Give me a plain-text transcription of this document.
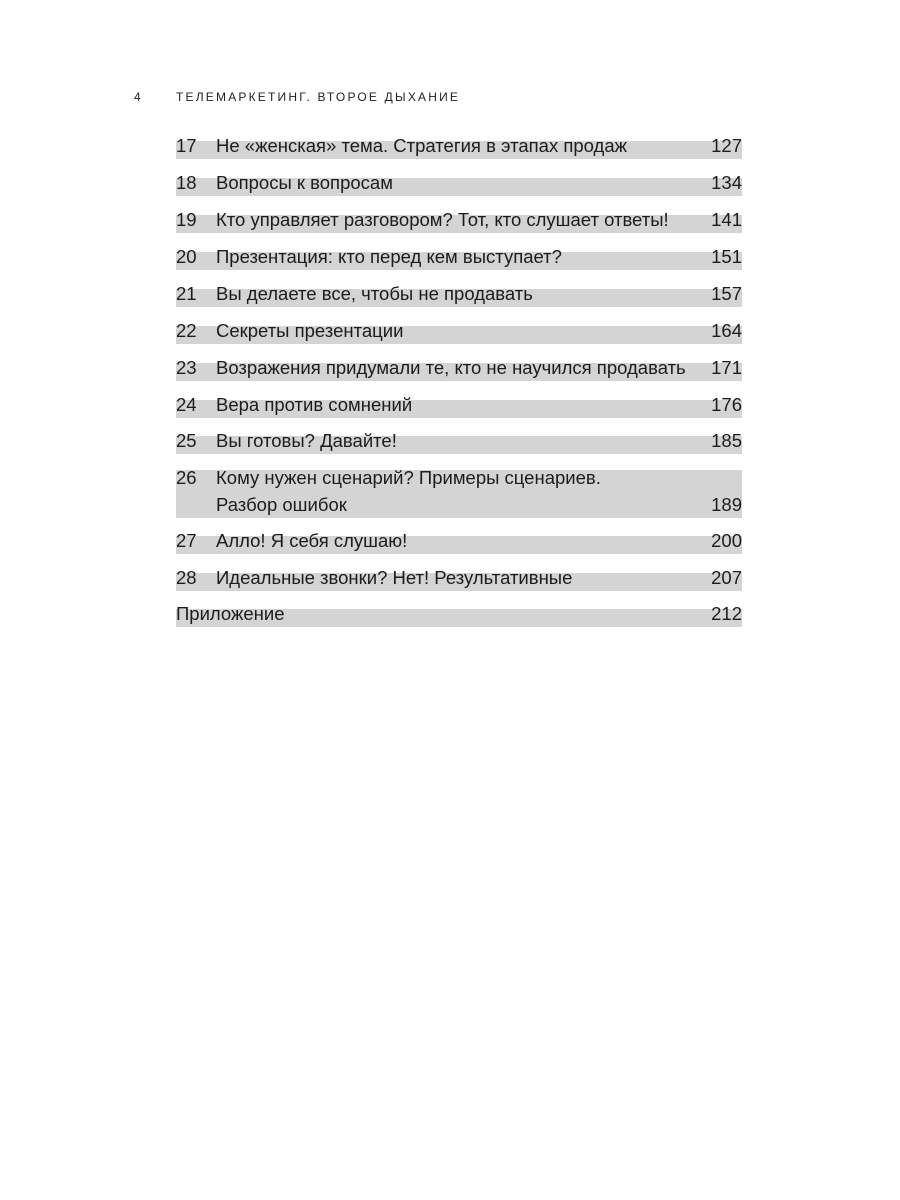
4	ТЕЛЕМАРКЕТИНГ. ВТОРОЕ ДЫХАНИЕ
17	Не «женская» тема. Стратегия в этапах продаж	127
18	Вопросы к вопросам	134
19	Кто управляет разговором? Тот, кто слушает ответы!	141
20	Презентация: кто перед кем выступает?	151
21	Вы делаете все, чтобы не продавать	157
22	Секреты презентации	164
23	Возражения придумали те, кто не научился продавать	171
24	Вера против сомнений	176
25	Вы готовы? Давайте!	185
26	Кому нужен сценарий? Примеры сценариев.
Разбор ошибок	189
27	Алло! Я себя слушаю!	200
28	Идеальные звонки? Нет! Результативные	207
Приложение	212
